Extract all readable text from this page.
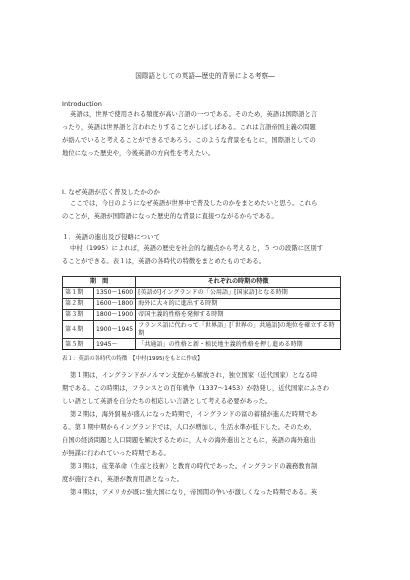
国際語としての英語―歴史的背景による考察―
Introduction
英語は，世界で使用される頻度が高い言語の一つである。そのため，英語は国際語と言
ったり，英語は世界語と言われたりすることがしばしばある。これは言語帝国主義の問題
が絡んでいると考えることができるであろう。このような背景をもとに，国際語としての
地位になった歴史や，今後英語の方向性を考えたい。
Ⅰ. なぜ英語が広く普及したかのか
ここでは，今日のようになぜ英語が世界中で普及したのかをまとめたいと思う。これら
のことが，英語が国際語になった歴史的な背景に直接つながるからである。
１．英語の進出及び侵略について
中村（1995）によれば，英語の歴史を社会的な観点から考えると，５ つの段階に区別す
ることができる。表１は，英語の各時代の特徴をまとめたものである。
期　間		それぞれの時期の特徴
第１期	1350〜1600	[英語が]イングランドの「公用語」[国家語]となる時期
第２期	1600〜1800	海外に大々的に進出する時期
第３期	1800〜1900	帝国主義的性格を発揮する時期
第４期	1900〜1945	フランス語に代わって「世界語」[「世界の」共通語]の地位を確立する時期
第５期	1945〜	「共通語」の性格と新・植民地主義的性格を押し進める時期
表１：英語の各時代の特徴　【中村(1995)をもとに作成】
第１期は，イングランドがノルマン支配から解放され，独立国家（近代国家）となる時
期である。この時期は，フランスとの百年戦争（1337〜1453）が勃発し，近代国家にふさわ
しい語として英語を自分たちの相応しい言語として考える必要があった。
第２期は，海外貿易が盛んになった時期で，イングランドの富の蓄積が進んだ時期であ
る。第１期中期からイングランドでは，人口が増加し，生活水準が低下した。そのため，
自国の経済問題と人口問題を解決するために，人々の海外進出とともに，英語の海外進出
が無謀に行われていった時期である。
第３期は，産業革命（生産と技術）と教育の時代であった。イングランドの義務教育制
度が施行され，英語が教育用語となった。
第４期は，アメリカが既に強大国になり，帝国間の争いが激しくなった時期である。英
